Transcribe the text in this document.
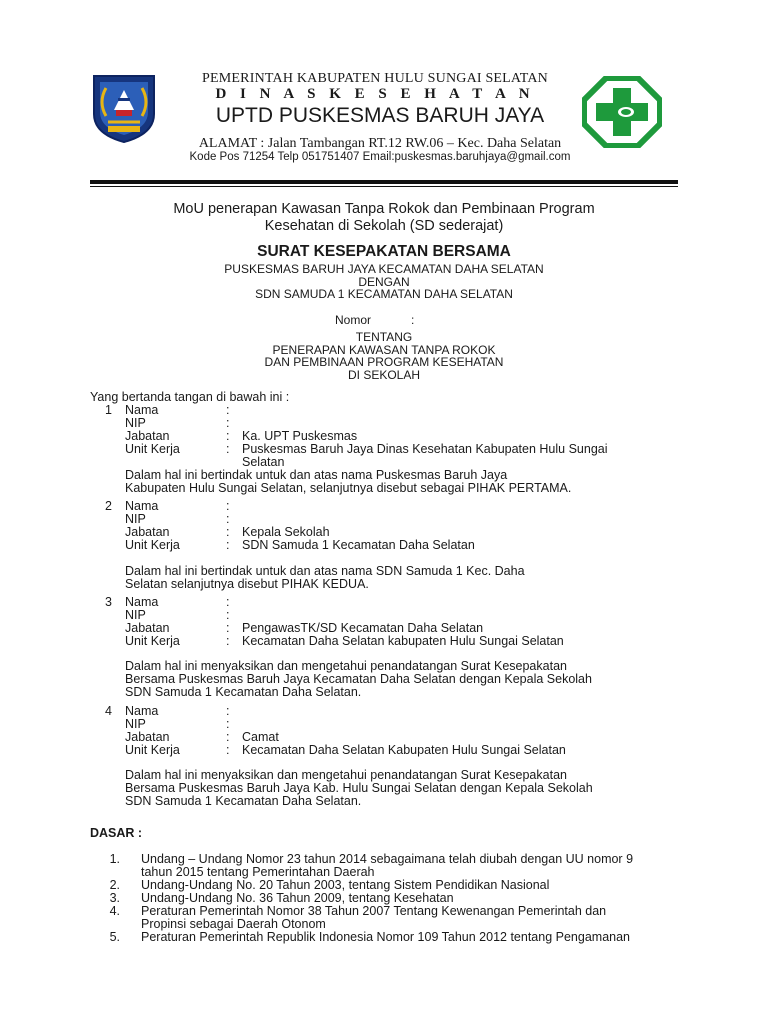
PEMERINTAH KABUPATEN HULU SUNGAI SELATAN
D I N A S K E S E H A T A N
UPTD PUSKESMAS BARUH JAYA
ALAMAT : Jalan Tambangan RT.12 RW.06 – Kec. Daha Selatan
Kode Pos 71254 Telp 051751407 Email:puskesmas.baruhjaya@gmail.com
MoU penerapan Kawasan Tanpa Rokok dan Pembinaan Program
Kesehatan di Sekolah (SD sederajat)
SURAT KESEPAKATAN BERSAMA
PUSKESMAS BARUH JAYA KECAMATAN DAHA SELATAN
DENGAN
SDN SAMUDA 1 KECAMATAN DAHA SELATAN
Nomor	:
TENTANG
PENERAPAN KAWASAN TANPA ROKOK
DAN PEMBINAAN PROGRAM KESEHATAN
DI SEKOLAH
Yang bertanda tangan di bawah ini :
1 Nama	:
NIP	:
Jabatan	: Ka. UPT Puskesmas
Unit Kerja	: Puskesmas Baruh Jaya Dinas Kesehatan Kabupaten Hulu Sungai
Selatan
Dalam hal ini bertindak untuk dan atas nama Puskesmas Baruh Jaya
Kabupaten Hulu Sungai Selatan, selanjutnya disebut sebagai PIHAK PERTAMA.
2 Nama	:
NIP	:
Jabatan	: Kepala Sekolah
Unit Kerja	: SDN Samuda 1 Kecamatan Daha Selatan
Dalam hal ini bertindak untuk dan atas nama SDN Samuda 1 Kec. Daha
Selatan selanjutnya disebut PIHAK KEDUA.
3 Nama	:
NIP	:
Jabatan	: PengawasTK/SD Kecamatan Daha Selatan
Unit Kerja	: Kecamatan Daha Selatan kabupaten Hulu Sungai Selatan
Dalam hal ini menyaksikan dan mengetahui penandatangan Surat Kesepakatan
Bersama Puskesmas Baruh Jaya Kecamatan Daha Selatan dengan Kepala Sekolah
SDN Samuda 1 Kecamatan Daha Selatan.
4 Nama	:
NIP	:
Jabatan	: Camat
Unit Kerja	: Kecamatan Daha Selatan Kabupaten Hulu Sungai Selatan
Dalam hal ini menyaksikan dan mengetahui penandatangan Surat Kesepakatan
Bersama Puskesmas Baruh Jaya Kab. Hulu Sungai Selatan dengan Kepala Sekolah
SDN Samuda 1 Kecamatan Daha Selatan.
DASAR :
1. Undang – Undang Nomor 23 tahun 2014 sebagaimana telah diubah dengan UU nomor 9
tahun 2015 tentang Pemerintahan Daerah
2. Undang-Undang No. 20 Tahun 2003, tentang Sistem Pendidikan Nasional
3. Undang-Undang No. 36 Tahun 2009, tentang Kesehatan
4. Peraturan Pemerintah Nomor 38 Tahun 2007 Tentang Kewenangan Pemerintah dan
Propinsi sebagai Daerah Otonom
5. Peraturan Pemerintah Republik Indonesia Nomor 109 Tahun 2012 tentang Pengamanan
